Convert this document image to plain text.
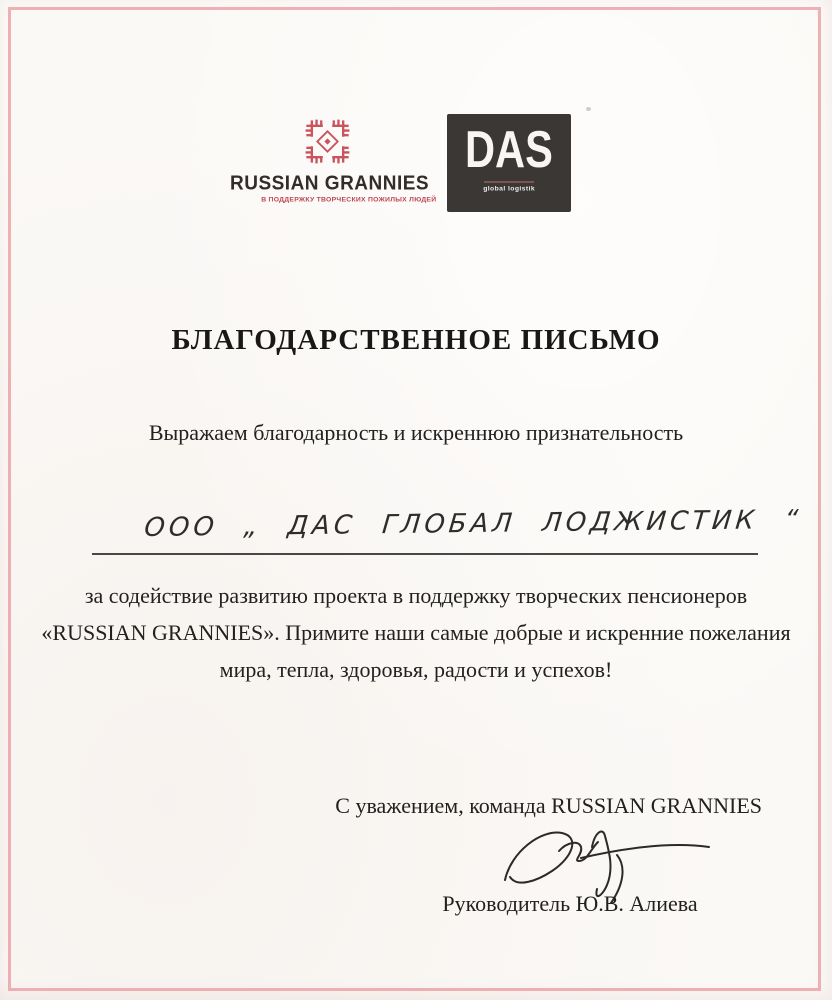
RUSSIAN GRANNIES
В ПОДДЕРЖКУ ТВОРЧЕСКИХ ПОЖИЛЫХ ЛЮДЕЙ
DAS
global logistik
БЛАГОДАРСТВЕННОЕ ПИСЬМО
Выражаем благодарность и искреннюю признательность
ООО „ ДАС ГЛОБАЛ ЛОДЖИСТИК “
за содействие развитию проекта в поддержку творческих пенсионеров
«RUSSIAN GRANNIES». Примите наши самые добрые и искренние пожелания
мира, тепла, здоровья, радости и успехов!
С уважением, команда RUSSIAN GRANNIES
Руководитель Ю.В. Алиева
